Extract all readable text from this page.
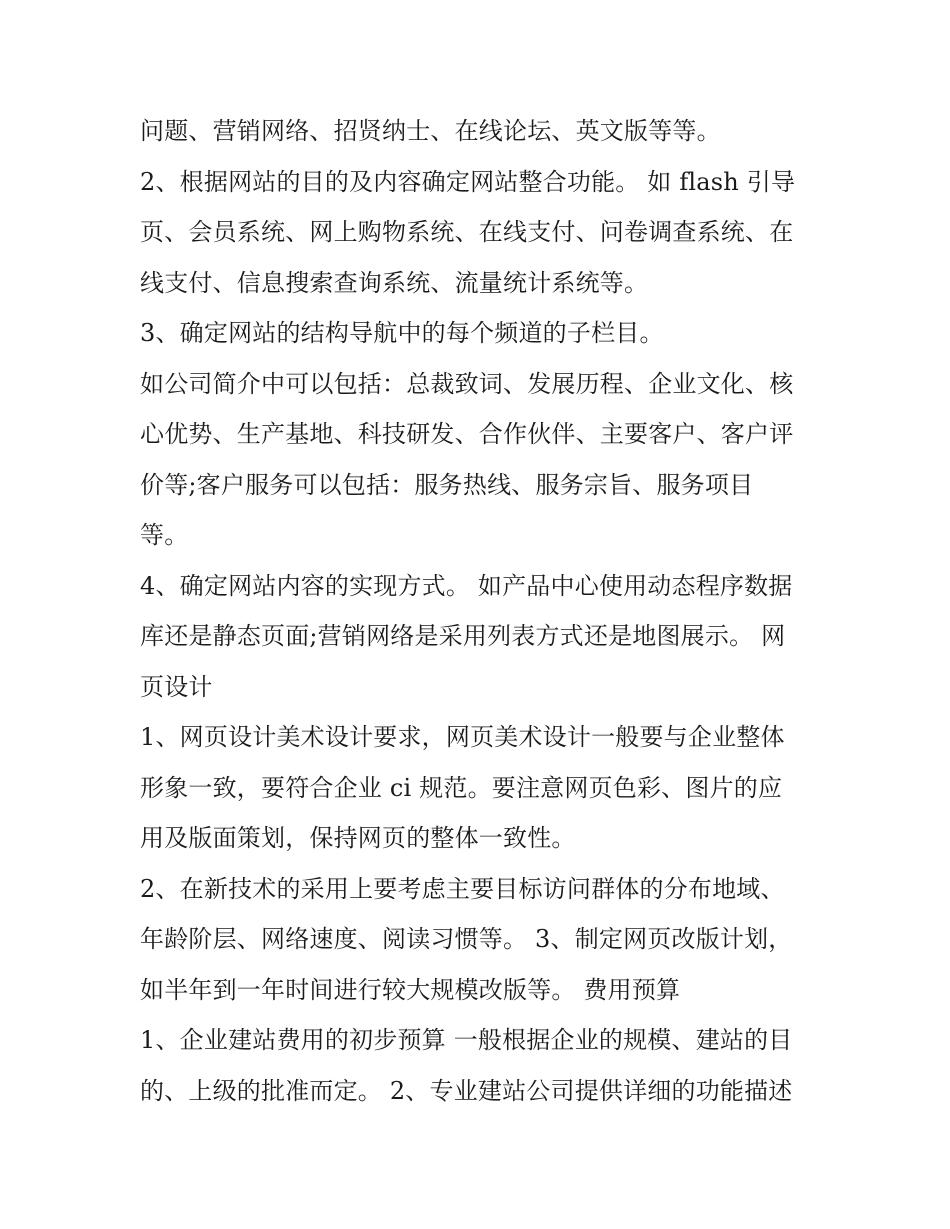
问题、营销网络、招贤纳士、在线论坛、英文版等等。
2、根据网站的目的及内容确定网站整合功能。 如 flash 引导
页、会员系统、网上购物系统、在线支付、问卷调查系统、在
线支付、信息搜索查询系统、流量统计系统等。
3、确定网站的结构导航中的每个频道的子栏目。
如公司简介中可以包括：总裁致词、发展历程、企业文化、核
心优势、生产基地、科技研发、合作伙伴、主要客户、客户评
价等;客户服务可以包括：服务热线、服务宗旨、服务项目
等。
4、确定网站内容的实现方式。 如产品中心使用动态程序数据
库还是静态页面;营销网络是采用列表方式还是地图展示。 网
页设计
1、网页设计美术设计要求，网页美术设计一般要与企业整体
形象一致，要符合企业 ci 规范。要注意网页色彩、图片的应
用及版面策划，保持网页的整体一致性。
2、在新技术的采用上要考虑主要目标访问群体的分布地域、
年龄阶层、网络速度、阅读习惯等。 3、制定网页改版计划，
如半年到一年时间进行较大规模改版等。 费用预算
1、企业建站费用的初步预算 一般根据企业的规模、建站的目
的、上级的批准而定。 2、专业建站公司提供详细的功能描述
